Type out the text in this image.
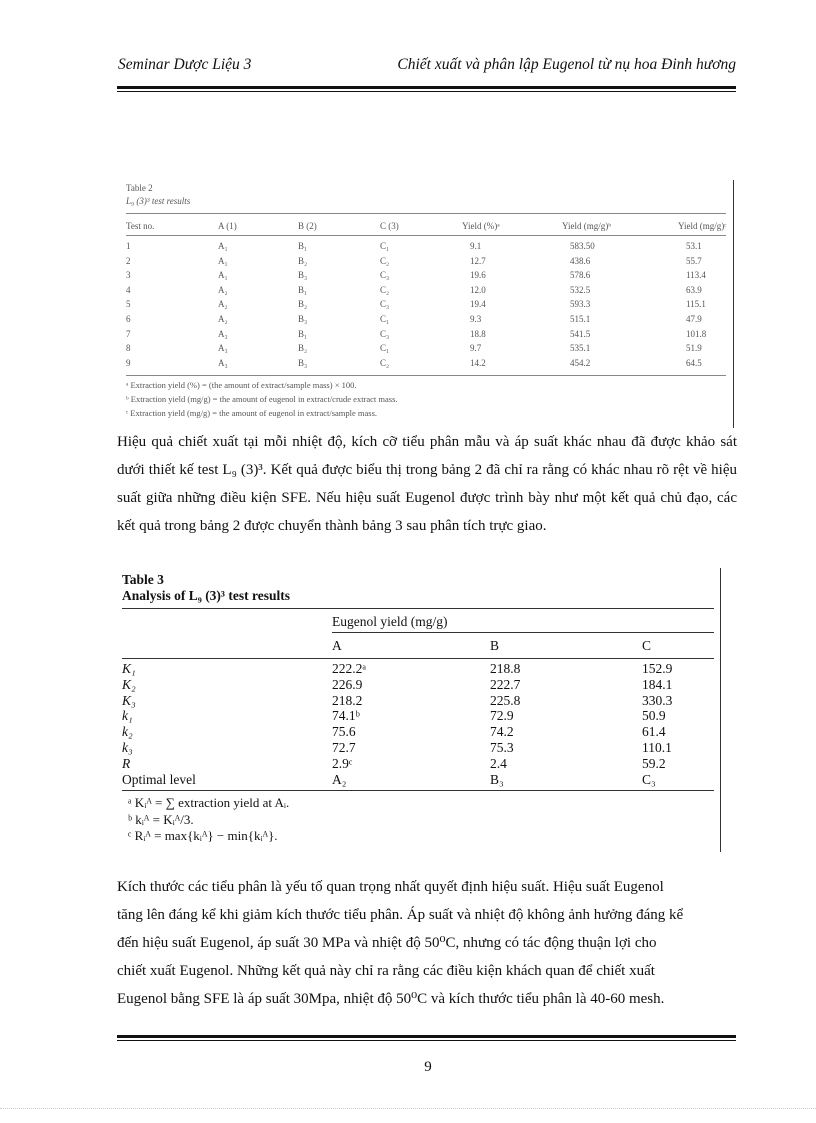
Seminar Dược Liệu 3	Chiết xuất và phân lập Eugenol từ nụ hoa Đinh hương
Table 2
L₉ (3)³ test results
Test no.	A (1)	B (2)	C (3)	Yield (%)ᵃ	Yield (mg/g)ᵇ	Yield (mg/g)ᶜ
1	A₁	B₁	C₁	9.1	583.50	53.1
2	A₁	B₂	C₂	12.7	438.6	55.7
3	A₁	B₃	C₃	19.6	578.6	113.4
4	A₂	B₁	C₂	12.0	532.5	63.9
5	A₂	B₂	C₃	19.4	593.3	115.1
6	A₂	B₃	C₁	9.3	515.1	47.9
7	A₃	B₁	C₃	18.8	541.5	101.8
8	A₃	B₂	C₁	9.7	535.1	51.9
9	A₃	B₃	C₂	14.2	454.2	64.5
ᵃ Extraction yield (%) = (the amount of extract/sample mass) × 100.
ᵇ Extraction yield (mg/g) = the amount of eugenol in extract/crude extract mass.
ᶜ Extraction yield (mg/g) = the amount of eugenol in extract/sample mass.
Hiệu quả chiết xuất tại mỗi nhiệt độ, kích cỡ tiểu phân mẫu và áp suất khác nhau đã được khảo sát dưới thiết kế test L₉ (3)³. Kết quả được biểu thị trong bảng 2 đã chỉ ra rằng có khác nhau rõ rệt về hiệu suất giữa những điều kiện SFE. Nếu hiệu suất Eugenol được trình bày như một kết quả chủ đạo, các kết quả trong bảng 2 được chuyển thành bảng 3 sau phân tích trực giao.
Table 3
Analysis of L₉ (3)³ test results
Eugenol yield (mg/g)
A	B	C
K₁	222.2ᵃ	218.8	152.9
K₂	226.9	222.7	184.1
K₃	218.2	225.8	330.3
k₁	74.1ᵇ	72.9	50.9
k₂	75.6	74.2	61.4
k₃	72.7	75.3	110.1
R	2.9ᶜ	2.4	59.2
Optimal level	A₂	B₃	C₃
ᵃ Kᵢᴬ = ∑ extraction yield at Aᵢ.
ᵇ kᵢᴬ = Kᵢᴬ/3.
ᶜ Rᵢᴬ = max{kᵢᴬ} − min{kᵢᴬ}.
Kích thước các tiểu phân là yếu tố quan trọng nhất quyết định hiệu suất. Hiệu suất Eugenol
tăng lên đáng kể khi giảm kích thước tiểu phân. Áp suất và nhiệt độ không ảnh hưởng đáng kể
đến hiệu suất Eugenol, áp suất 30 MPa và nhiệt độ 50⁰C, nhưng có tác động thuận lợi cho
chiết xuất Eugenol. Những kết quả này chỉ ra rằng các điều kiện khách quan để chiết xuất
Eugenol bằng SFE là áp suất 30Mpa, nhiệt độ 50⁰C và kích thước tiểu phân là 40-60 mesh.
9
